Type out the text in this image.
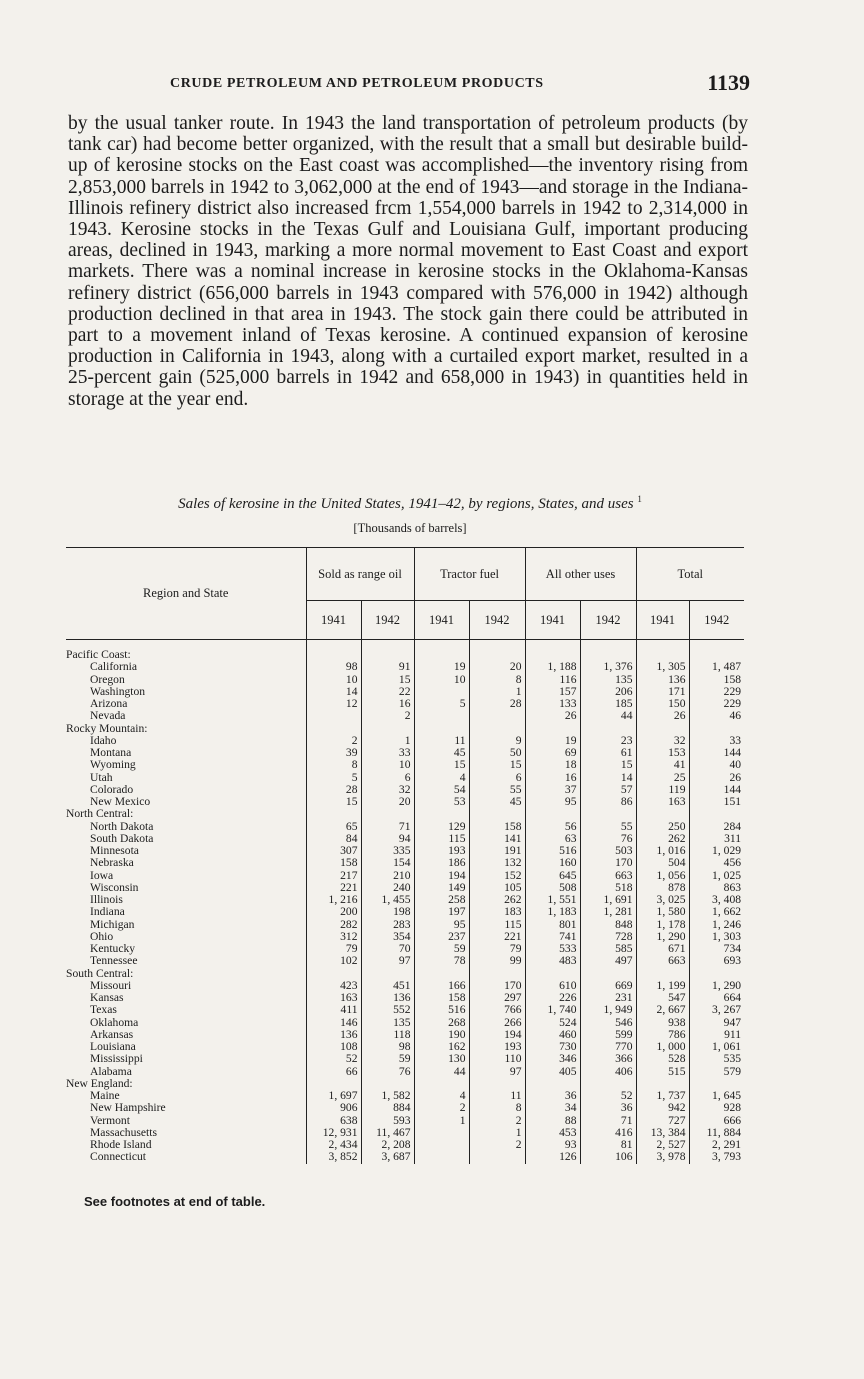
CRUDE PETROLEUM AND PETROLEUM PRODUCTS	1139

by the usual tanker route. In 1943 the land transportation of petroleum products (by tank car) had become better organized, with the result that a small but desirable build-up of kerosine stocks on the East coast was accomplished—the inventory rising from 2,853,000 barrels in 1942 to 3,062,000 at the end of 1943—and storage in the Indiana-Illinois refinery district also increased frcm 1,554,000 barrels in 1942 to 2,314,000 in 1943. Kerosine stocks in the Texas Gulf and Louisiana Gulf, important producing areas, declined in 1943, marking a more normal movement to East Coast and export markets. There was a nominal increase in kerosine stocks in the Oklahoma-Kansas refinery district (656,000 barrels in 1943 compared with 576,000 in 1942) although production declined in that area in 1943. The stock gain there could be attributed in part to a movement inland of Texas kerosine. A continued expansion of kerosine production in California in 1943, along with a curtailed export market, resulted in a 25-percent gain (525,000 barrels in 1942 and 658,000 in 1943) in quantities held in storage at the year end.

Sales of kerosine in the United States, 1941–42, by regions, States, and uses $^1$
[Thousands of barrels]
Region and State	Sold as range oil		Tractor fuel		All other uses		Total	
	1941	1942	1941	1942	1941	1942	1941	1942
Pacific Coast:								
California	98	91	19	20	1, 188	1, 376	1, 305	1, 487
Oregon	10	15	10	8	116	135	136	158
Washington	14	22		1	157	206	171	229
Arizona	12	16	5	28	133	185	150	229
Nevada		2			26	44	26	46
Rocky Mountain:								
Idaho	2	1	11	9	19	23	32	33
Montana	39	33	45	50	69	61	153	144
Wyoming	8	10	15	15	18	15	41	40
Utah	5	6	4	6	16	14	25	26
Colorado	28	32	54	55	37	57	119	144
New Mexico	15	20	53	45	95	86	163	151
North Central:								
North Dakota	65	71	129	158	56	55	250	284
South Dakota	84	94	115	141	63	76	262	311
Minnesota	307	335	193	191	516	503	1, 016	1, 029
Nebraska	158	154	186	132	160	170	504	456
Iowa	217	210	194	152	645	663	1, 056	1, 025
Wisconsin	221	240	149	105	508	518	878	863
Illinois	1, 216	1, 455	258	262	1, 551	1, 691	3, 025	3, 408
Indiana	200	198	197	183	1, 183	1, 281	1, 580	1, 662
Michigan	282	283	95	115	801	848	1, 178	1, 246
Ohio	312	354	237	221	741	728	1, 290	1, 303
Kentucky	79	70	59	79	533	585	671	734
Tennessee	102	97	78	99	483	497	663	693
South Central:								
Missouri	423	451	166	170	610	669	1, 199	1, 290
Kansas	163	136	158	297	226	231	547	664
Texas	411	552	516	766	1, 740	1, 949	2, 667	3, 267
Oklahoma	146	135	268	266	524	546	938	947
Arkansas	136	118	190	194	460	599	786	911
Louisiana	108	98	162	193	730	770	1, 000	1, 061
Mississippi	52	59	130	110	346	366	528	535
Alabama	66	76	44	97	405	406	515	579
New England:								
Maine	1, 697	1, 582	4	11	36	52	1, 737	1, 645
New Hampshire	906	884	2	8	34	36	942	928
Vermont	638	593	1	2	88	71	727	666
Massachusetts	12, 931	11, 467		1	453	416	13, 384	11, 884
Rhode Island	2, 434	2, 208		2	93	81	2, 527	2, 291
Connecticut	3, 852	3, 687			126	106	3, 978	3, 793
See footnotes at end of table.
